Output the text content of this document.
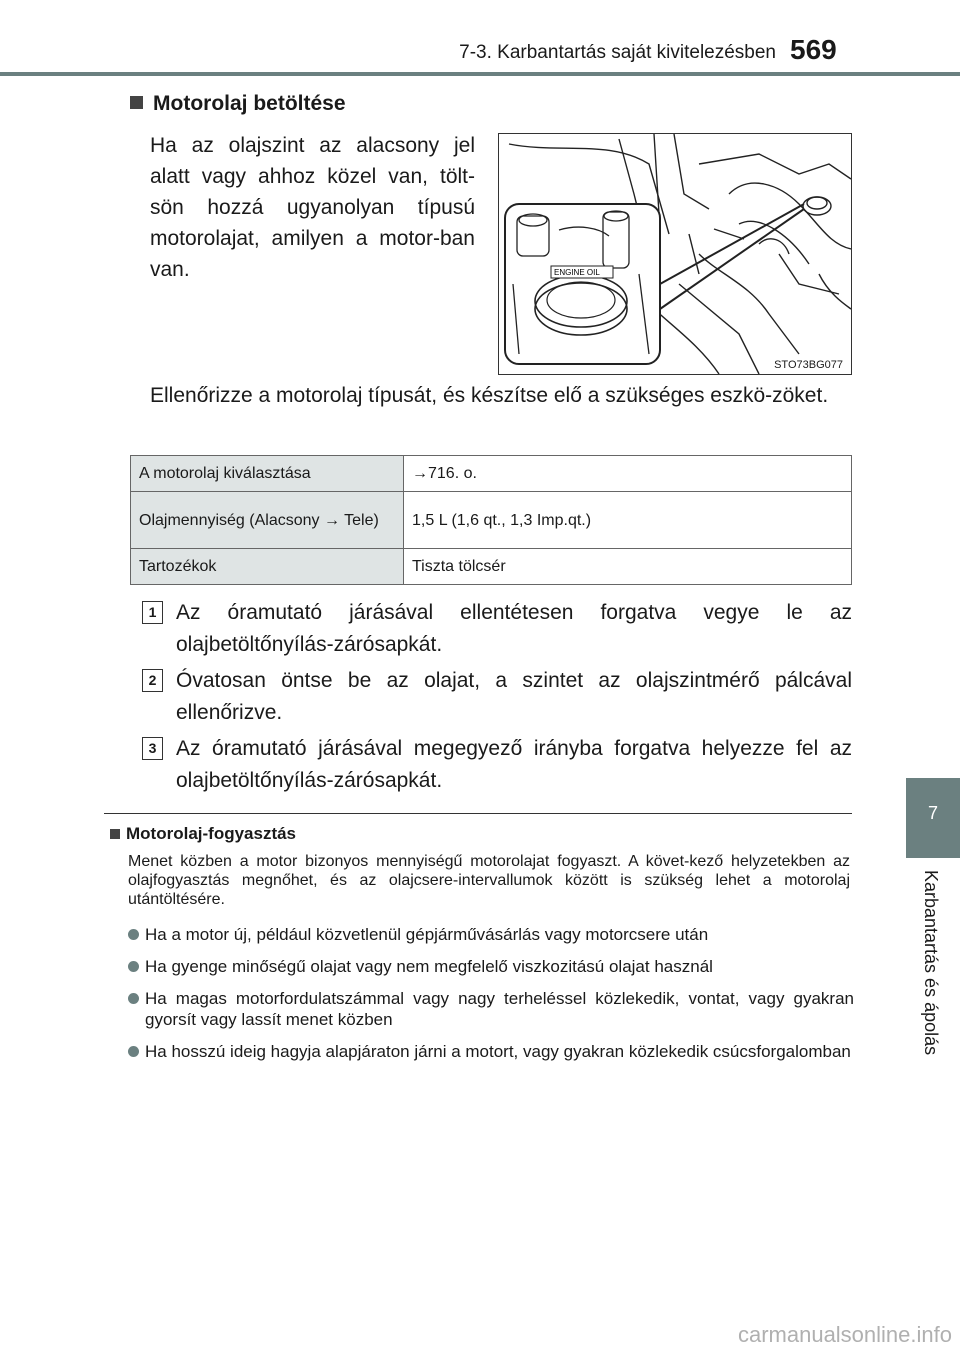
7-3. Karbantartás saját kivitelezésben 569
7
Karbantartás és ápolás
Motorolaj betöltése
Ha az olajszint az alacsony jel alatt vagy ahhoz közel van, tölt-sön hozzá ugyanolyan típusú motorolajat, amilyen a motor-ban van.	ENGINE OIL
STO73BG077
Ellenőrizze a motorolaj típusát, és készítse elő a szükséges eszkö-zöket.
A motorolaj kiválasztása	→716. o.
Olajmennyiség (Alacsony → Tele)	1,5 L (1,6 qt., 1,3 Imp.qt.)
Tartozékok	Tiszta tölcsér
1 Az óramutató járásával ellentétesen forgatva vegye le az olajbetöltőnyílás-zárósapkát.
2 Óvatosan öntse be az olajat, a szintet az olajszintmérő pálcával ellenőrizve.
3 Az óramutató járásával megegyező irányba forgatva helyezze fel az olajbetöltőnyílás-zárósapkát.
Motorolaj-fogyasztás
Menet közben a motor bizonyos mennyiségű motorolajat fogyaszt. A követ-kező helyzetekben az olajfogyasztás megnőhet, és az olajcsere-intervallumok között is szükség lehet a motorolaj utántöltésére.
Ha a motor új, például közvetlenül gépjárművásárlás vagy motorcsere után
Ha gyenge minőségű olajat vagy nem megfelelő viszkozitású olajat használ
Ha magas motorfordulatszámmal vagy nagy terheléssel közlekedik, vontat, vagy gyakran gyorsít vagy lassít menet közben
Ha hosszú ideig hagyja alapjáraton járni a motort, vagy gyakran közlekedik csúcsforgalomban
carmanualsonline.info
